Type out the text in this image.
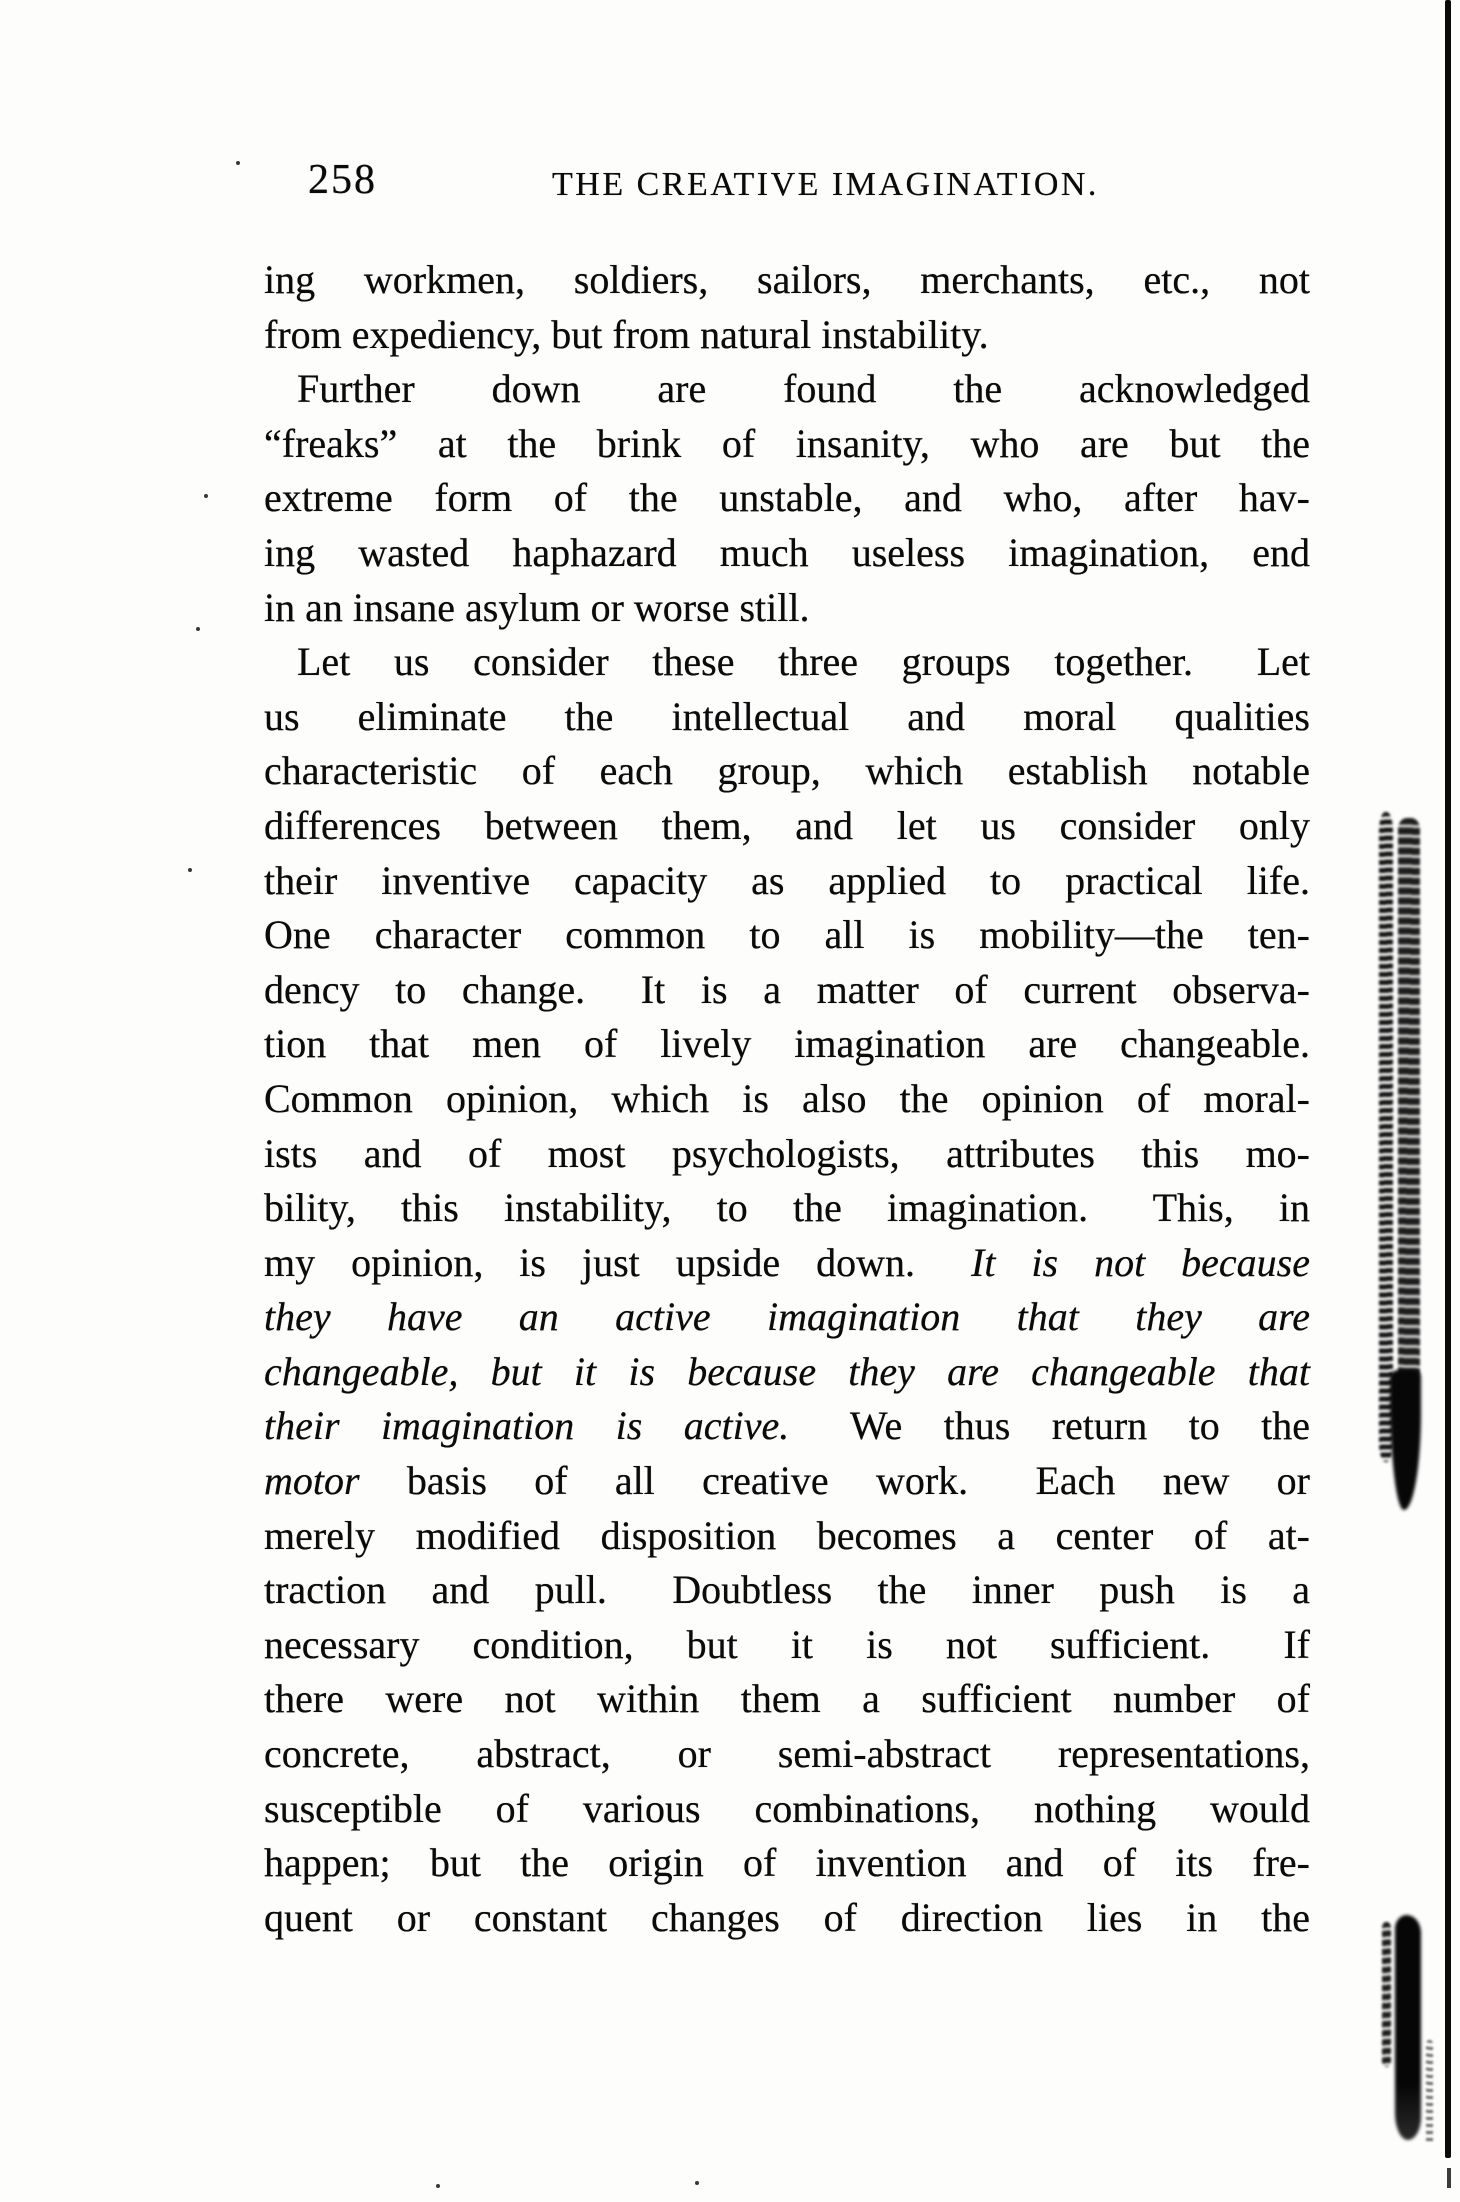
258	THE CREATIVE IMAGINATION.
ing workmen, soldiers, sailors, merchants, etc., not
from expediency, but from natural instability.
Further down are found the acknowledged
“freaks” at the brink of insanity, who are but the
extreme form of the unstable, and who, after hav-
ing wasted haphazard much useless imagination, end
in an insane asylum or worse still.
Let us consider these three groups together.  Let
us eliminate the intellectual and moral qualities
characteristic of each group, which establish notable
differences between them, and let us consider only
their inventive capacity as applied to practical life.
One character common to all is mobility—the ten-
dency to change.  It is a matter of current observa-
tion that men of lively imagination are changeable.
Common opinion, which is also the opinion of moral-
ists and of most psychologists, attributes this mo-
bility, this instability, to the imagination.  This, in
my opinion, is just upside down.  It is not because
they have an active imagination that they are
changeable, but it is because they are changeable that
their imagination is active.  We thus return to the
motor basis of all creative work.  Each new or
merely modified disposition becomes a center of at-
traction and pull.  Doubtless the inner push is a
necessary condition, but it is not sufficient.  If
there were not within them a sufficient number of
concrete, abstract, or semi-abstract representations,
susceptible of various combinations, nothing would
happen; but the origin of invention and of its fre-
quent or constant changes of direction lies in the
